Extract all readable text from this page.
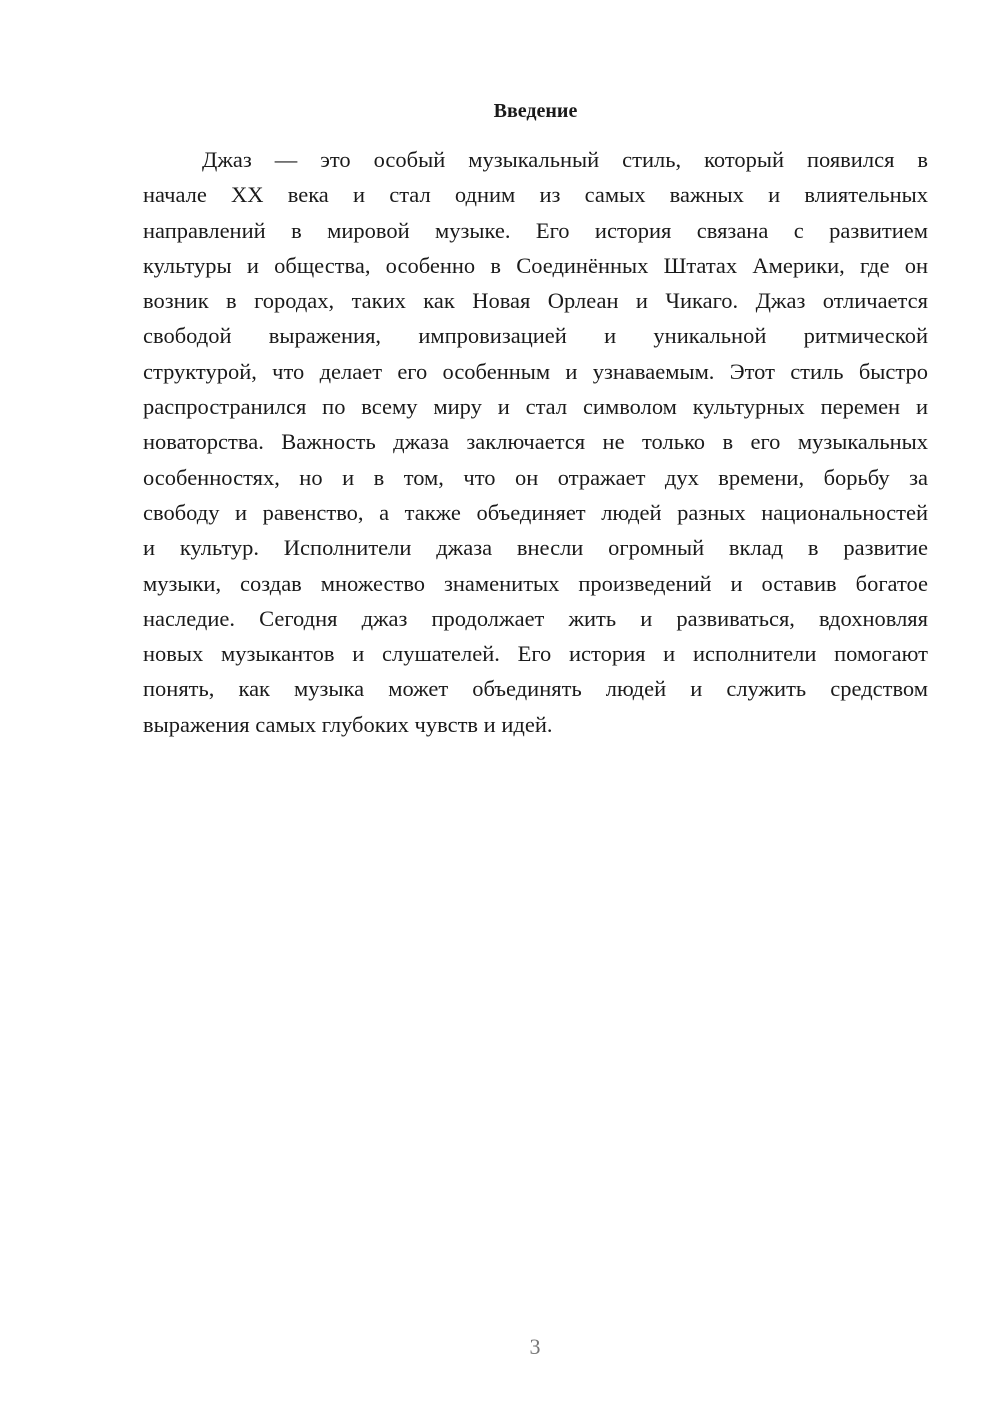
Введение
Джаз — это особый музыкальный стиль, который появился в
начале XX века и стал одним из самых важных и влиятельных
направлений в мировой музыке. Его история связана с развитием
культуры и общества, особенно в Соединённых Штатах Америки, где он
возник в городах, таких как Новая Орлеан и Чикаго. Джаз отличается
свободой выражения, импровизацией и уникальной ритмической
структурой, что делает его особенным и узнаваемым. Этот стиль быстро
распространился по всему миру и стал символом культурных перемен и
новаторства. Важность джаза заключается не только в его музыкальных
особенностях, но и в том, что он отражает дух времени, борьбу за
свободу и равенство, а также объединяет людей разных национальностей
и культур. Исполнители джаза внесли огромный вклад в развитие
музыки, создав множество знаменитых произведений и оставив богатое
наследие. Сегодня джаз продолжает жить и развиваться, вдохновляя
новых музыкантов и слушателей. Его история и исполнители помогают
понять, как музыка может объединять людей и служить средством
выражения самых глубоких чувств и идей.
3
